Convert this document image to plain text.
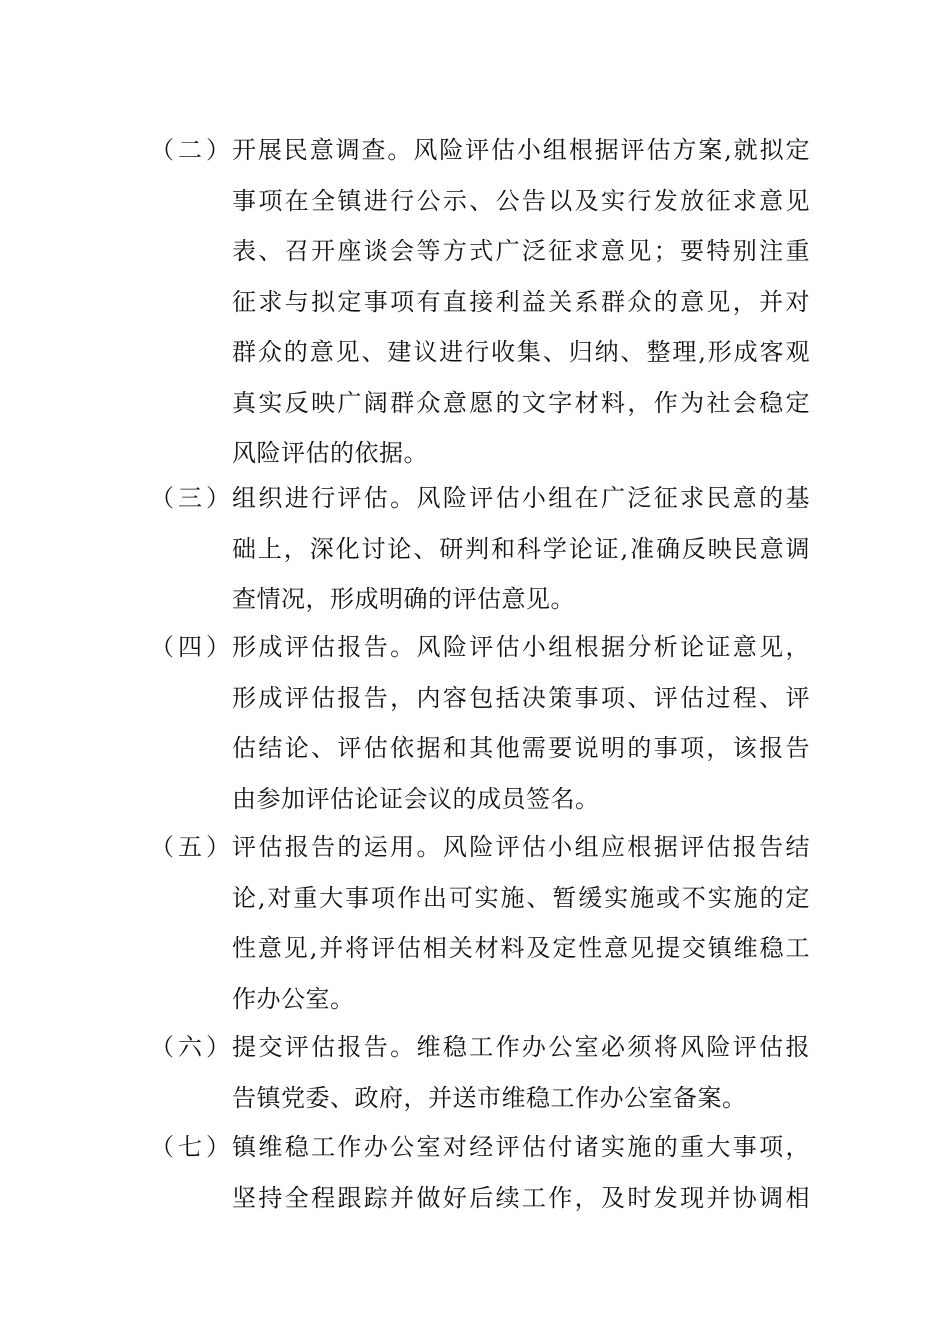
（二）
开展民意调查。风险评估小组根据评估方案,就拟定
事项在全镇进行公示、公告以及实行发放征求意见
表、召开座谈会等方式广泛征求意见；要特别注重
征求与拟定事项有直接利益关系群众的意见，并对
群众的意见、建议进行收集、归纳、整理,形成客观
真实反映广阔群众意愿的文字材料，作为社会稳定
风险评估的依据。
（三）
组织进行评估。风险评估小组在广泛征求民意的基
础上，深化讨论、研判和科学论证,准确反映民意调
查情况，形成明确的评估意见。
（四）
形成评估报告。风险评估小组根据分析论证意见，
形成评估报告，内容包括决策事项、评估过程、评
估结论、评估依据和其他需要说明的事项，该报告
由参加评估论证会议的成员签名。
（五）
评估报告的运用。风险评估小组应根据评估报告结
论,对重大事项作出可实施、暂缓实施或不实施的定
性意见,并将评估相关材料及定性意见提交镇维稳工
作办公室。
（六）
提交评估报告。维稳工作办公室必须将风险评估报
告镇党委、政府，并送市维稳工作办公室备案。
（七）
镇维稳工作办公室对经评估付诸实施的重大事项，
坚持全程跟踪并做好后续工作，及时发现并协调相
